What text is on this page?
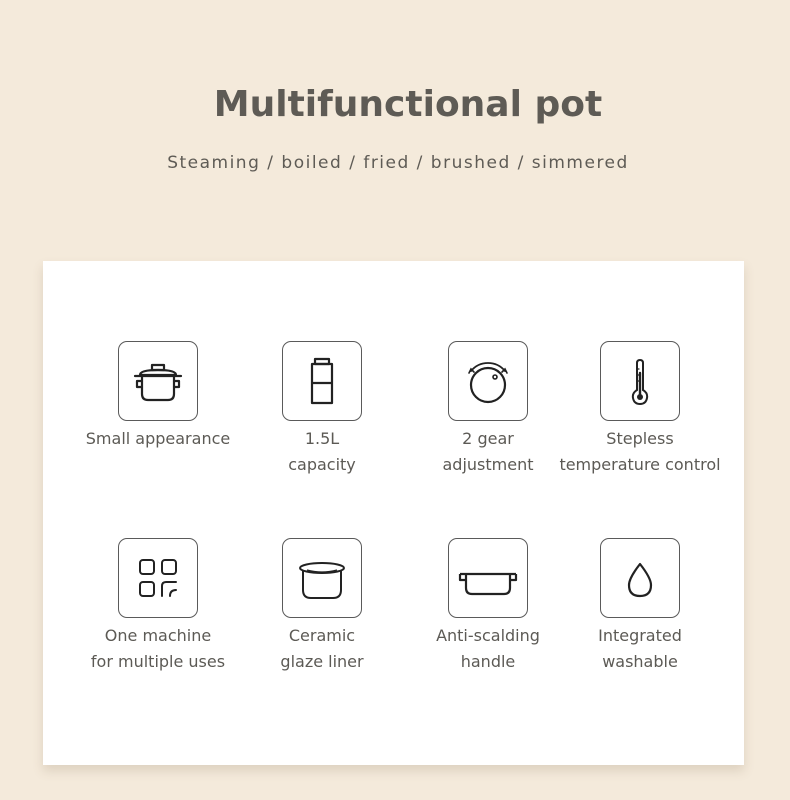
Multifunctional pot
Steaming / boiled / fried / brushed / simmered
Small appearance	1.5L
capacity
2 gear
adjustment
Stepless
temperature control
One machine
for multiple uses
Ceramic
glaze liner
Anti-scalding
handle
Integrated
washable
